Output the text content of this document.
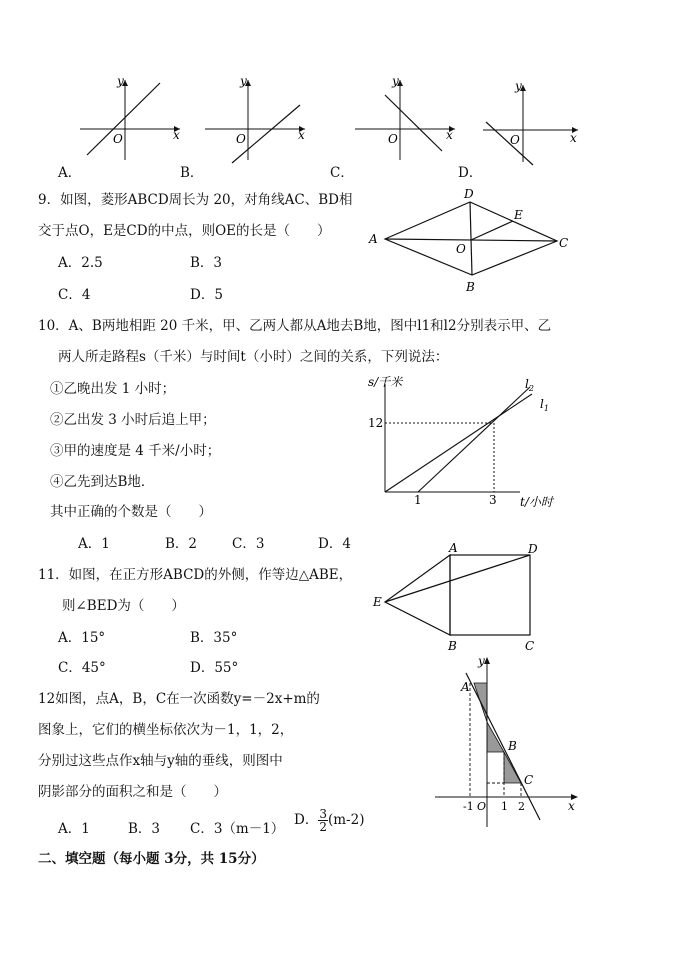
y
x
O
A．
y
x
O
B．
y
x
O
C．
y
x
O
D．
9．如图，菱形ABCD周长为 20，对角线AC、BD相
交于点O，E是CD的中点，则OE的长是（　　）
A．2.5	B．3
C．4	D．5
A
D
E
C
O
B
10．A、B两地相距 20 千米，甲、乙两人都从A地去B地，图中l1和l2分别表示甲、乙
两人所走路程s（千米）与时间t（小时）之间的关系，下列说法：
①乙晚出发 1 小时；
②乙出发 3 小时后追上甲；
③甲的速度是 4 千米/小时；
④乙先到达B地．
其中正确的个数是（　　）
A．1	B．2	C．3	D．4
s/千米
12
1	3 t/小时
$l_2$
$l_1$
11．如图，在正方形ABCD的外侧，作等边△ABE，
则∠BED为（　　）
A．15°	B．35°
C．45°	D．55°
A	D
E
B	C
12如图，点A，B，C在一次函数y=－2x+m的
图象上，它们的横坐标依次为－1，1，2，
分别过这些点作x轴与y轴的垂线，则图中
阴影部分的面积之和是（　　）
A．1	B．3 C．3（m－1）
D． $\frac{3}{2} (m-2)$
y
A
B
C
-1 O 1 2	x
二、填空题（每小题 3分，共 15分）
